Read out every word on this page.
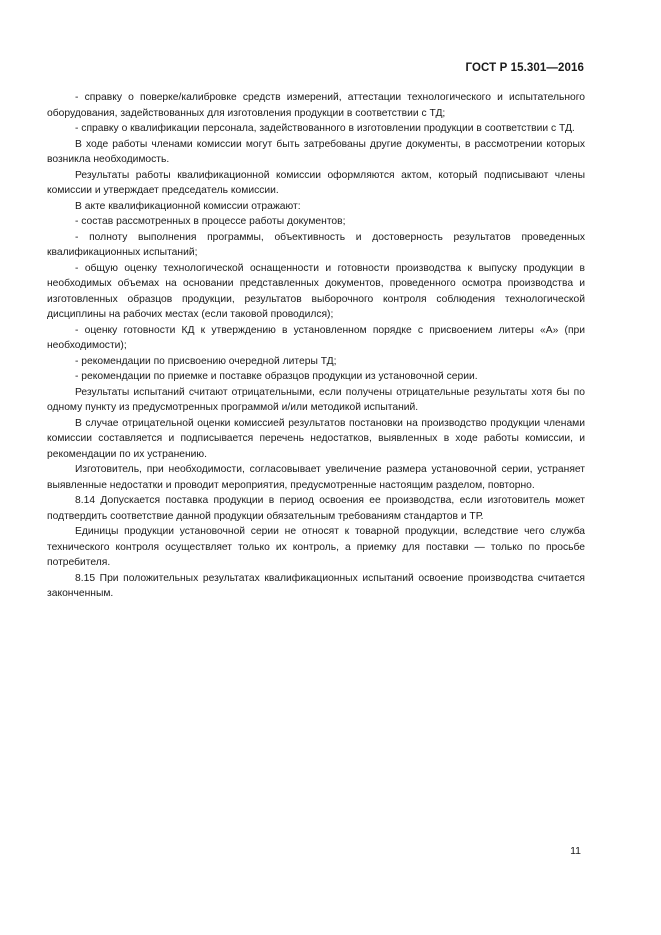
ГОСТ Р 15.301—2016

- справку о поверке/калибровке средств измерений, аттестации технологического и испытательного оборудования, задействованных для изготовления продукции в соответствии с ТД;

- справку о квалификации персонала, задействованного в изготовлении продукции в соответствии с ТД.

В ходе работы членами комиссии могут быть затребованы другие документы, в рассмотрении которых возникла необходимость.

Результаты работы квалификационной комиссии оформляются актом, который подписывают члены комиссии и утверждает председатель комиссии.

В акте квалификационной комиссии отражают:

- состав рассмотренных в процессе работы документов;

- полноту выполнения программы, объективность и достоверность результатов проведенных квалификационных испытаний;

- общую оценку технологической оснащенности и готовности производства к выпуску продукции в необходимых объемах на основании представленных документов, проведенного осмотра производства и изготовленных образцов продукции, результатов выборочного контроля соблюдения технологической дисциплины на рабочих местах (если таковой проводился);

- оценку готовности КД к утверждению в установленном порядке с присвоением литеры «А» (при необходимости);

- рекомендации по присвоению очередной литеры ТД;

- рекомендации по приемке и поставке образцов продукции из установочной серии.

Результаты испытаний считают отрицательными, если получены отрицательные результаты хотя бы по одному пункту из предусмотренных программой и/или методикой испытаний.

В случае отрицательной оценки комиссией результатов постановки на производство продукции членами комиссии составляется и подписывается перечень недостатков, выявленных в ходе работы комиссии, и рекомендации по их устранению.

Изготовитель, при необходимости, согласовывает увеличение размера установочной серии, устраняет выявленные недостатки и проводит мероприятия, предусмотренные настоящим разделом, повторно.

8.14 Допускается поставка продукции в период освоения ее производства, если изготовитель может подтвердить соответствие данной продукции обязательным требованиям стандартов и ТР.

Единицы продукции установочной серии не относят к товарной продукции, вследствие чего служба технического контроля осуществляет только их контроль, а приемку для поставки — только по просьбе потребителя.

8.15 При положительных результатах квалификационных испытаний освоение производства считается законченным.

11
